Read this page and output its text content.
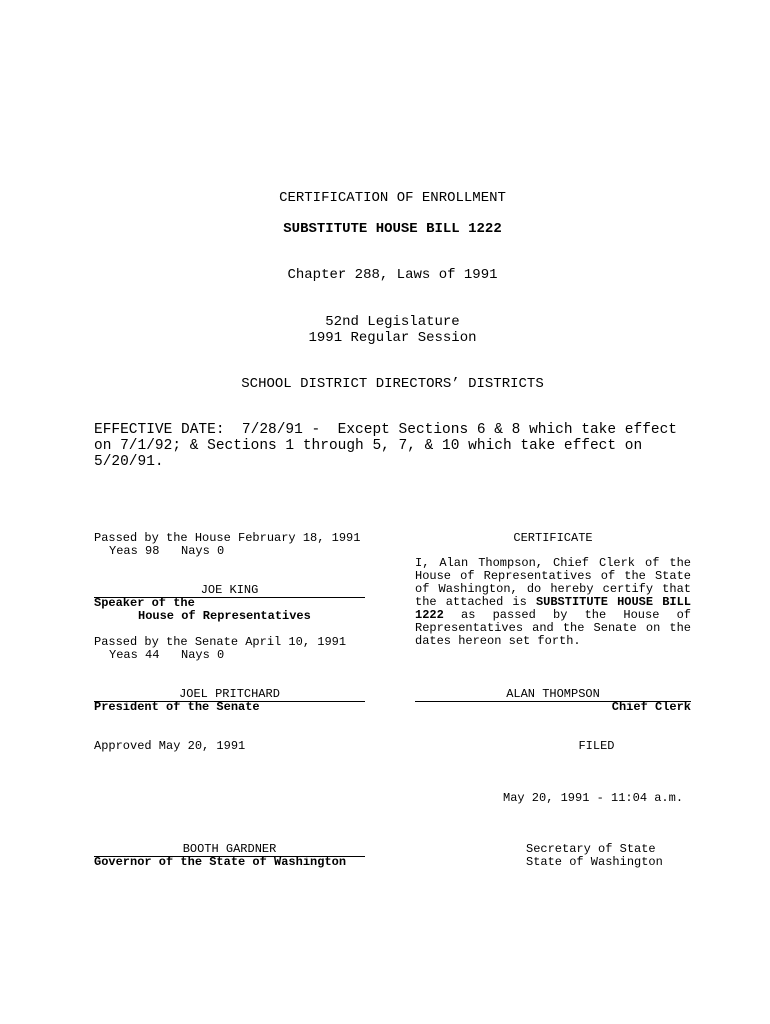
CERTIFICATION OF ENROLLMENT
SUBSTITUTE HOUSE BILL 1222
Chapter 288, Laws of 1991
52nd Legislature
1991 Regular Session
SCHOOL DISTRICT DIRECTORS’ DISTRICTS
EFFECTIVE DATE:  7/28/91 -  Except Sections 6 & 8 which take effect
on 7/1/92; & Sections 1 through 5, 7, & 10 which take effect on
5/20/91.
Passed by the House February 18, 1991
Yeas 98   Nays 0
JOE KING
Speaker of the
House of Representatives
Passed by the Senate April 10, 1991
Yeas 44   Nays 0
JOEL PRITCHARD
President of the Senate
Approved May 20, 1991
BOOTH GARDNER
Governor of the State of Washington
CERTIFICATE

I, Alan Thompson, Chief Clerk of the House of Representatives of the State of Washington, do hereby certify that the attached is SUBSTITUTE HOUSE BILL 1222 as passed by the House of Representatives and the Senate on the dates hereon set forth.

ALAN THOMPSON
Chief Clerk
FILED
May 20, 1991 - 11:04 a.m.
Secretary of State
State of Washington
